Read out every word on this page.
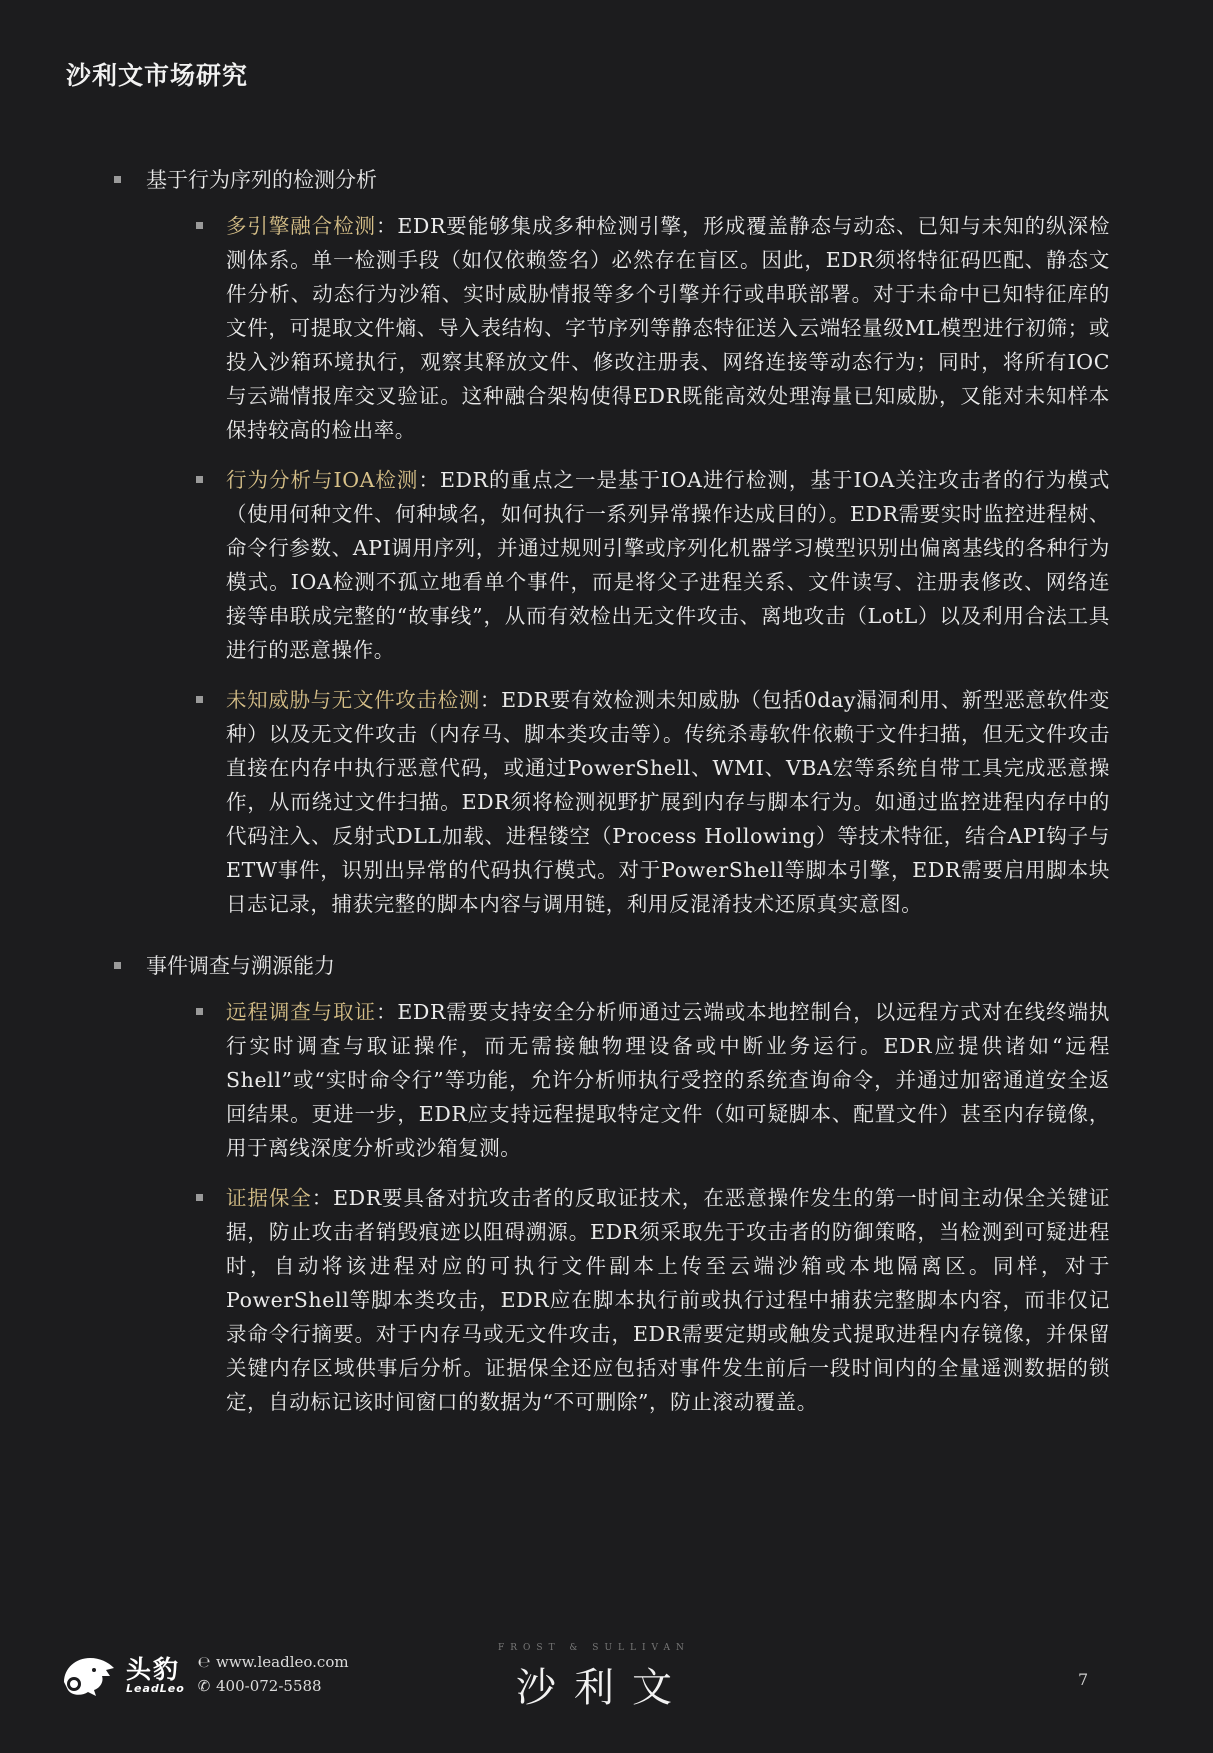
沙利文市场研究
基于行为序列的检测分析

多引擎融合检测：EDR要能够集成多种检测引擎，形成覆盖静态与动态、已知与未知的纵深检测体系。单一检测手段（如仅依赖签名）必然存在盲区。因此，EDR须将特征码匹配、静态文件分析、动态行为沙箱、实时威胁情报等多个引擎并行或串联部署。对于未命中已知特征库的文件，可提取文件熵、导入表结构、字节序列等静态特征送入云端轻量级ML模型进行初筛；或投入沙箱环境执行，观察其释放文件、修改注册表、网络连接等动态行为；同时，将所有IOC与云端情报库交叉验证。这种融合架构使得EDR既能高效处理海量已知威胁，又能对未知样本保持较高的检出率。

行为分析与IOA检测：EDR的重点之一是基于IOA进行检测，基于IOA关注攻击者的行为模式（使用何种文件、何种域名，如何执行一系列异常操作达成目的）。EDR需要实时监控进程树、命令行参数、API调用序列，并通过规则引擎或序列化机器学习模型识别出偏离基线的各种行为模式。IOA检测不孤立地看单个事件，而是将父子进程关系、文件读写、注册表修改、网络连接等串联成完整的“故事线”，从而有效检出无文件攻击、离地攻击（LotL）以及利用合法工具进行的恶意操作。

未知威胁与无文件攻击检测：EDR要有效检测未知威胁（包括0day漏洞利用、新型恶意软件变种）以及无文件攻击（内存马、脚本类攻击等）。传统杀毒软件依赖于文件扫描，但无文件攻击直接在内存中执行恶意代码，或通过PowerShell、WMI、VBA宏等系统自带工具完成恶意操作，从而绕过文件扫描。EDR须将检测视野扩展到内存与脚本行为。如通过监控进程内存中的代码注入、反射式DLL加载、进程镂空（Process Hollowing）等技术特征，结合API钩子与ETW事件，识别出异常的代码执行模式。对于PowerShell等脚本引擎，EDR需要启用脚本块日志记录，捕获完整的脚本内容与调用链，利用反混淆技术还原真实意图。

事件调查与溯源能力

远程调查与取证：EDR需要支持安全分析师通过云端或本地控制台，以远程方式对在线终端执行实时调查与取证操作，而无需接触物理设备或中断业务运行。EDR应提供诸如“远程Shell”或“实时命令行”等功能，允许分析师执行受控的系统查询命令，并通过加密通道安全返回结果。更进一步，EDR应支持远程提取特定文件（如可疑脚本、配置文件）甚至内存镜像，用于离线深度分析或沙箱复测。

证据保全：EDR要具备对抗攻击者的反取证技术，在恶意操作发生的第一时间主动保全关键证据，防止攻击者销毁痕迹以阻碍溯源。EDR须采取先于攻击者的防御策略，当检测到可疑进程时，自动将该进程对应的可执行文件副本上传至云端沙箱或本地隔离区。同样，对于PowerShell等脚本类攻击，EDR应在脚本执行前或执行过程中捕获完整脚本内容，而非仅记录命令行摘要。对于内存马或无文件攻击，EDR需要定期或触发式提取进程内存镜像，并保留关键内存区域供事后分析。证据保全还应包括对事件发生前后一段时间内的全量遥测数据的锁定，自动标记该时间窗口的数据为“不可删除”，防止滚动覆盖。

头豹
LeadLeo
℮ www.leadleo.com
✆ 400-072-5588
FROST & SULLIVAN
沙利文	7
